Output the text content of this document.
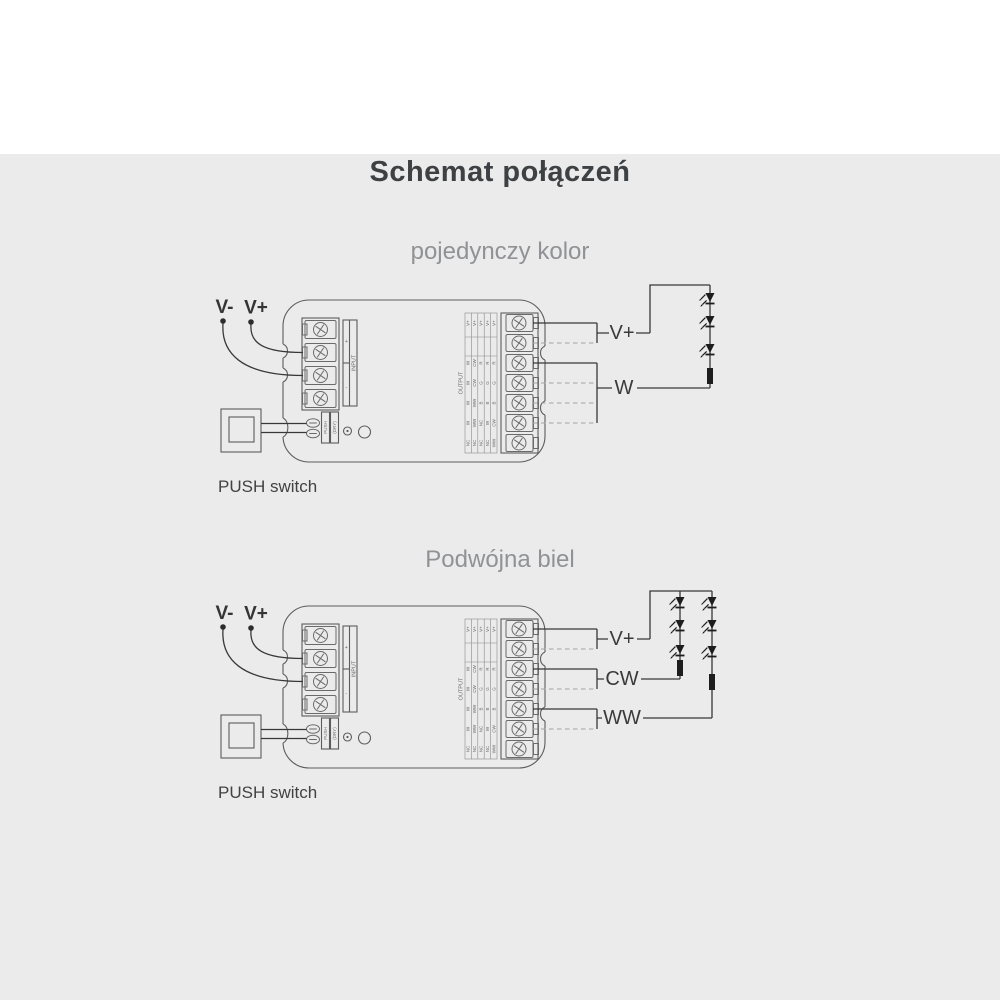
Schemat połączeń
pojedynczy kolor
Podwójna biel
V+
W
V+
CW
WW
